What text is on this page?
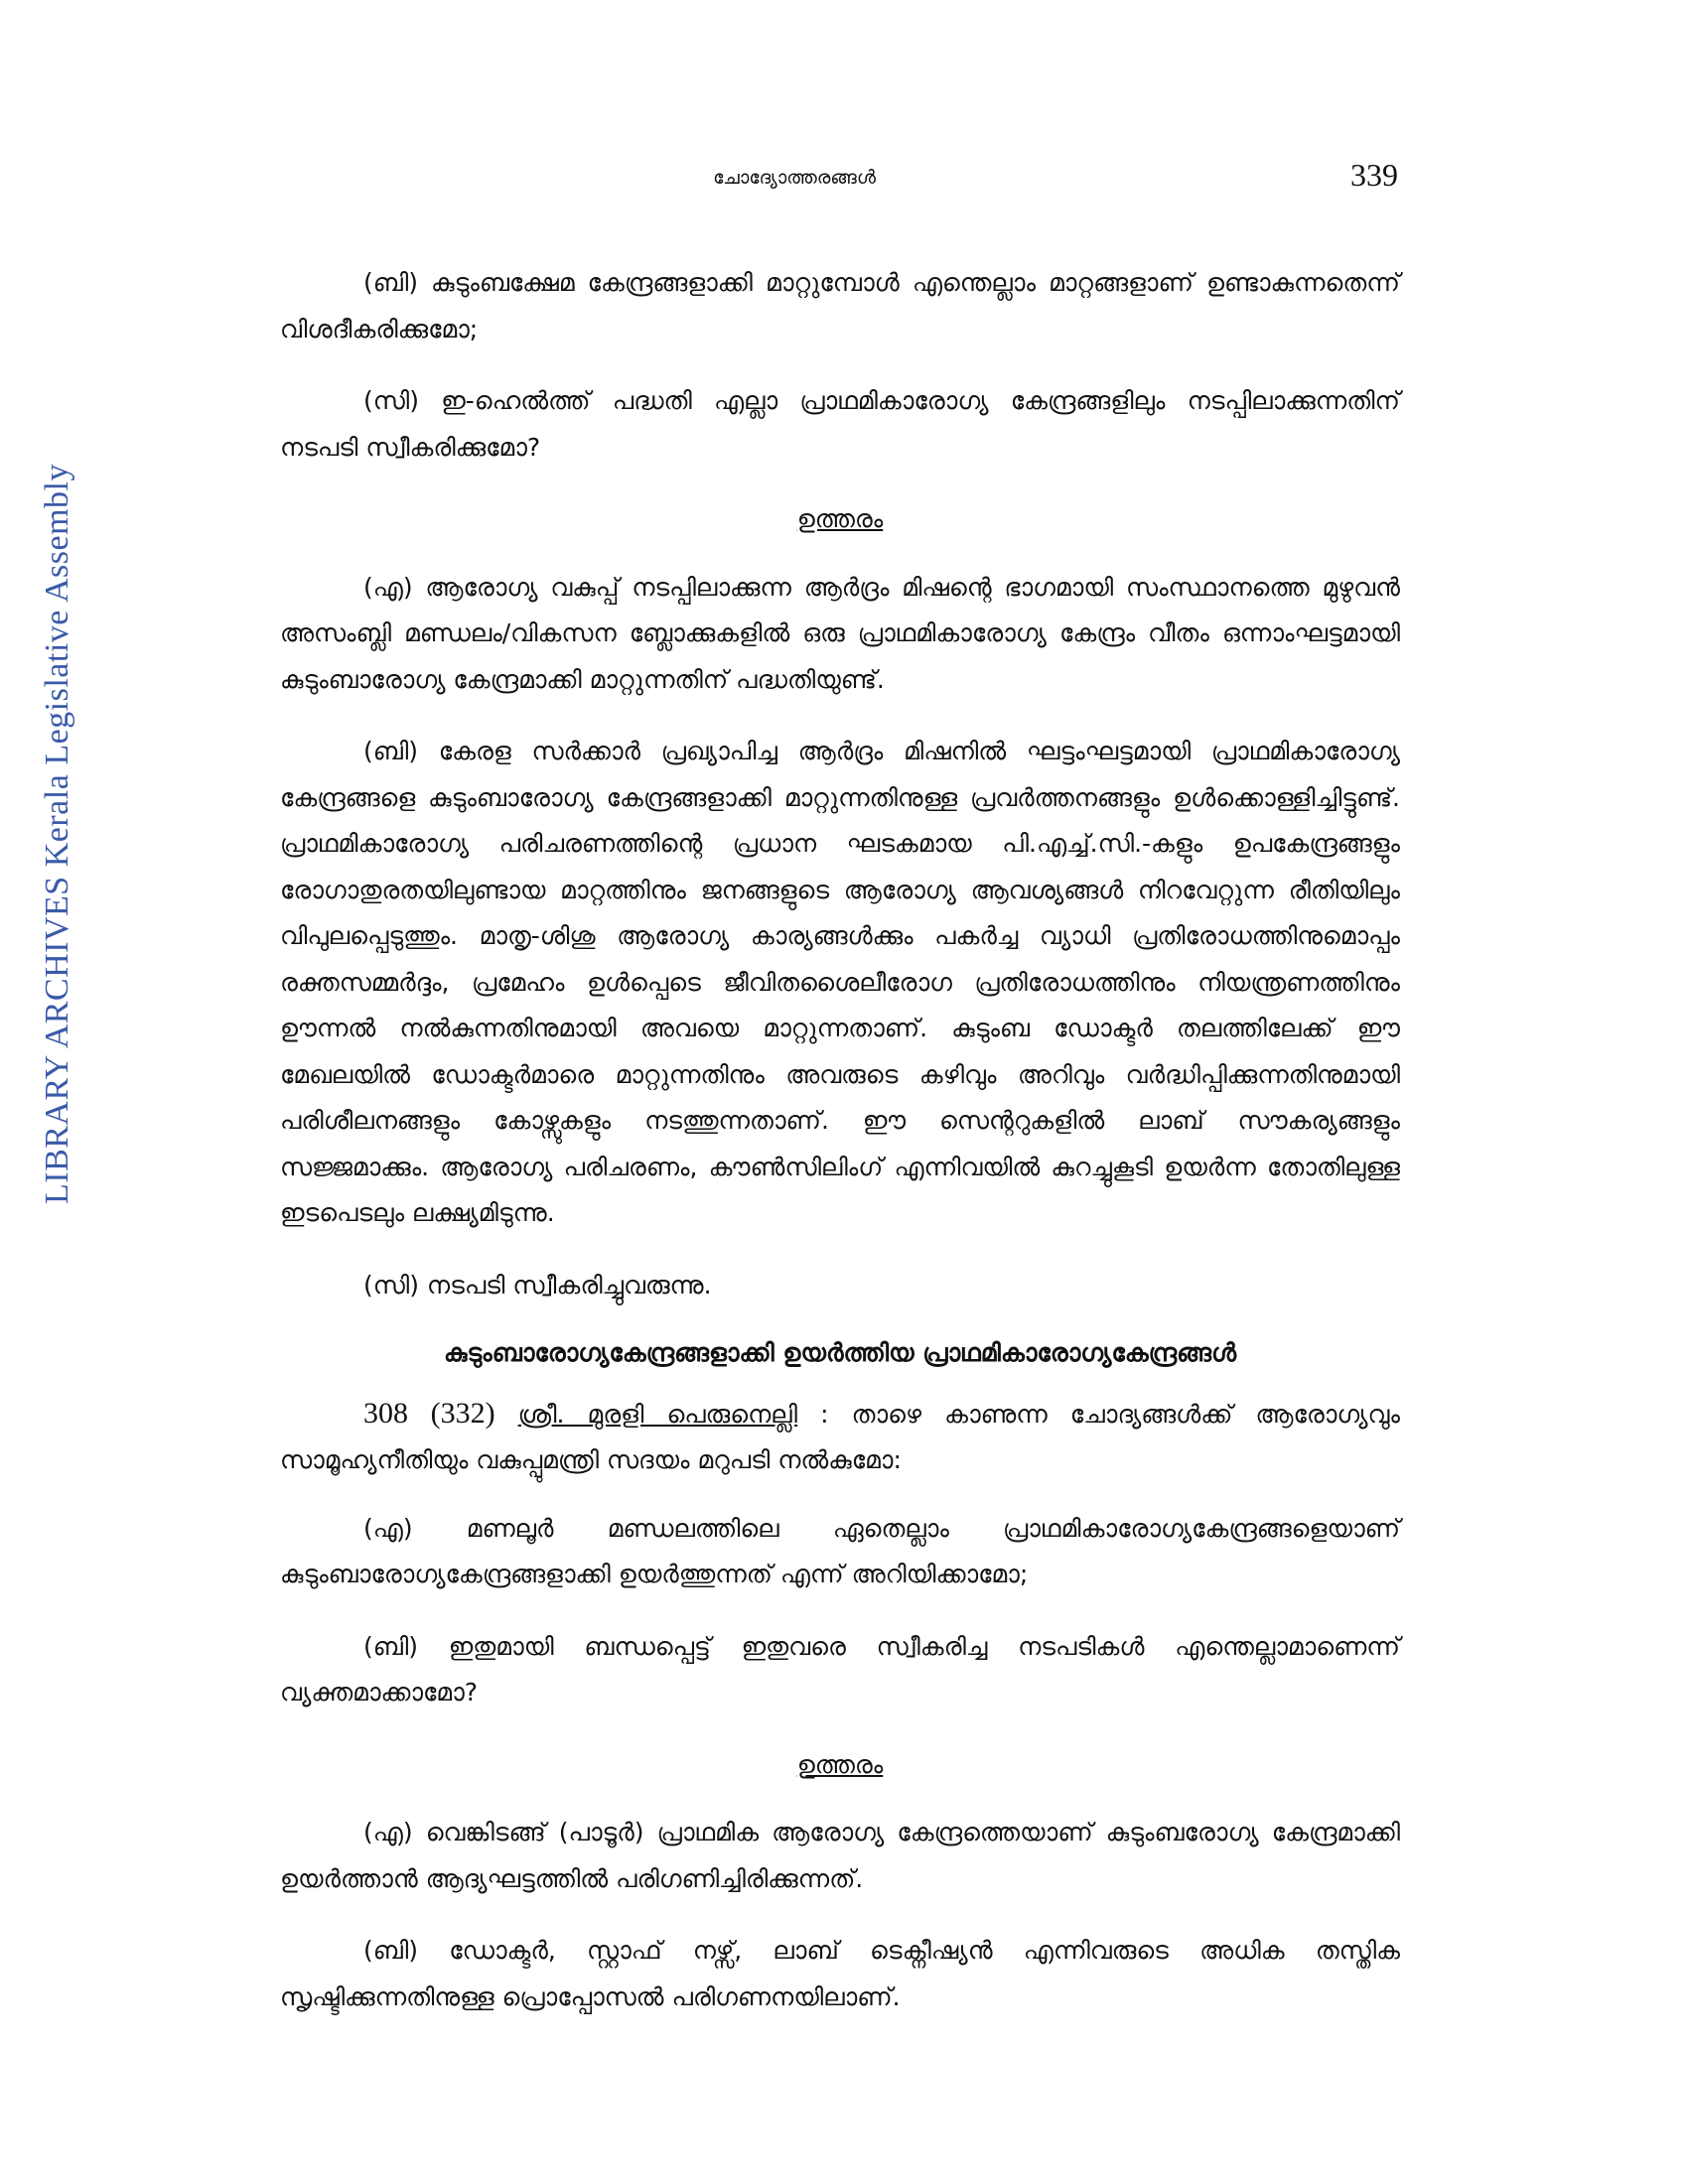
LIBRARY ARCHIVES Kerala Legislative Assembly
ചോദ്യോത്തരങ്ങൾ	339

(ബി) കുടുംബക്ഷേമ കേന്ദ്രങ്ങളാക്കി മാറ്റുമ്പോൾ എന്തെല്ലാം മാറ്റങ്ങളാണ് ഉണ്ടാകുന്നതെന്ന് വിശദീകരിക്കുമോ;

(സി) ഇ-ഹെൽത്ത് പദ്ധതി എല്ലാ പ്രാഥമികാരോഗ്യ കേന്ദ്രങ്ങളിലും നടപ്പിലാക്കുന്നതിന് നടപടി സ്വീകരിക്കുമോ?

ഉത്തരം

(എ) ആരോഗ്യ വകുപ്പ് നടപ്പിലാക്കുന്ന ആർദ്രം മിഷന്റെ ഭാഗമായി സംസ്ഥാനത്തെ മുഴുവൻ അസംബ്ലി മണ്ഡലം/വികസന ബ്ലോക്കുകളിൽ ഒരു പ്രാഥമികാരോഗ്യ കേന്ദ്രം വീതം ഒന്നാംഘട്ടമായി കുടുംബാരോഗ്യ കേന്ദ്രമാക്കി മാറ്റുന്നതിന് പദ്ധതിയുണ്ട്.

(ബി) കേരള സർക്കാർ പ്രഖ്യാപിച്ച ആർദ്രം മിഷനിൽ ഘട്ടംഘട്ടമായി പ്രാഥമികാരോഗ്യ കേന്ദ്രങ്ങളെ കുടുംബാരോഗ്യ കേന്ദ്രങ്ങളാക്കി മാറ്റുന്നതിനുള്ള പ്രവർത്തനങ്ങളും ഉൾക്കൊള്ളിച്ചിട്ടുണ്ട്. പ്രാഥമികാരോഗ്യ പരിചരണത്തിന്റെ പ്രധാന ഘടകമായ പി.എച്ച്.സി.-കളും ഉപകേന്ദ്രങ്ങളും രോഗാതുരതയിലുണ്ടായ മാറ്റത്തിനും ജനങ്ങളുടെ ആരോഗ്യ ആവശ്യങ്ങൾ നിറവേറ്റുന്ന രീതിയിലും വിപുലപ്പെടുത്തും. മാതൃ-ശിശു ആരോഗ്യ കാര്യങ്ങൾക്കും പകർച്ച വ്യാധി പ്രതിരോധത്തിനുമൊപ്പം രക്തസമ്മർദ്ദം, പ്രമേഹം ഉൾപ്പെടെ ജീവിതശൈലീരോഗ പ്രതിരോധത്തിനും നിയന്ത്രണത്തിനും ഊന്നൽ നൽകുന്നതിനുമായി അവയെ മാറ്റുന്നതാണ്. കുടുംബ ഡോക്ടർ തലത്തിലേക്ക് ഈ മേഖലയിൽ ഡോക്ടർമാരെ മാറ്റുന്നതിനും അവരുടെ കഴിവും അറിവും വർദ്ധിപ്പിക്കുന്നതിനുമായി പരിശീലനങ്ങളും കോഴ്സുകളും നടത്തുന്നതാണ്. ഈ സെന്ററുകളിൽ ലാബ് സൗകര്യങ്ങളും സജ്ജമാക്കും. ആരോഗ്യ പരിചരണം, കൗൺസിലിംഗ് എന്നിവയിൽ കുറച്ചുകൂടി ഉയർന്ന തോതിലുള്ള ഇടപെടലും ലക്ഷ്യമിടുന്നു.

(സി) നടപടി സ്വീകരിച്ചുവരുന്നു.

കുടുംബാരോഗ്യകേന്ദ്രങ്ങളാക്കി ഉയർത്തിയ പ്രാഥമികാരോഗ്യകേന്ദ്രങ്ങൾ

308 (332) ശ്രീ. മുരളി പെരുനെല്ലി : താഴെ കാണുന്ന ചോദ്യങ്ങൾക്ക് ആരോഗ്യവും സാമൂഹ്യനീതിയും വകുപ്പുമന്ത്രി സദയം മറുപടി നൽകുമോ:

(എ) മണലൂർ മണ്ഡലത്തിലെ ഏതെല്ലാം പ്രാഥമികാരോഗ്യകേന്ദ്രങ്ങളെയാണ് കുടുംബാരോഗ്യകേന്ദ്രങ്ങളാക്കി ഉയർത്തുന്നത് എന്ന് അറിയിക്കാമോ;

(ബി) ഇതുമായി ബന്ധപ്പെട്ട് ഇതുവരെ സ്വീകരിച്ച നടപടികൾ എന്തെല്ലാമാണെന്ന് വ്യക്തമാക്കാമോ?

ഉത്തരം

(എ) വെങ്കിടങ്ങ് (പാടൂർ) പ്രാഥമിക ആരോഗ്യ കേന്ദ്രത്തെയാണ് കുടുംബരോഗ്യ കേന്ദ്രമാക്കി ഉയർത്താൻ ആദ്യഘട്ടത്തിൽ പരിഗണിച്ചിരിക്കുന്നത്.

(ബി) ഡോക്ടർ, സ്റ്റാഫ് നഴ്സ്, ലാബ് ടെക്നീഷ്യൻ എന്നിവരുടെ അധിക തസ്തിക സൃഷ്ടിക്കുന്നതിനുള്ള പ്രൊപ്പോസൽ പരിഗണനയിലാണ്.
